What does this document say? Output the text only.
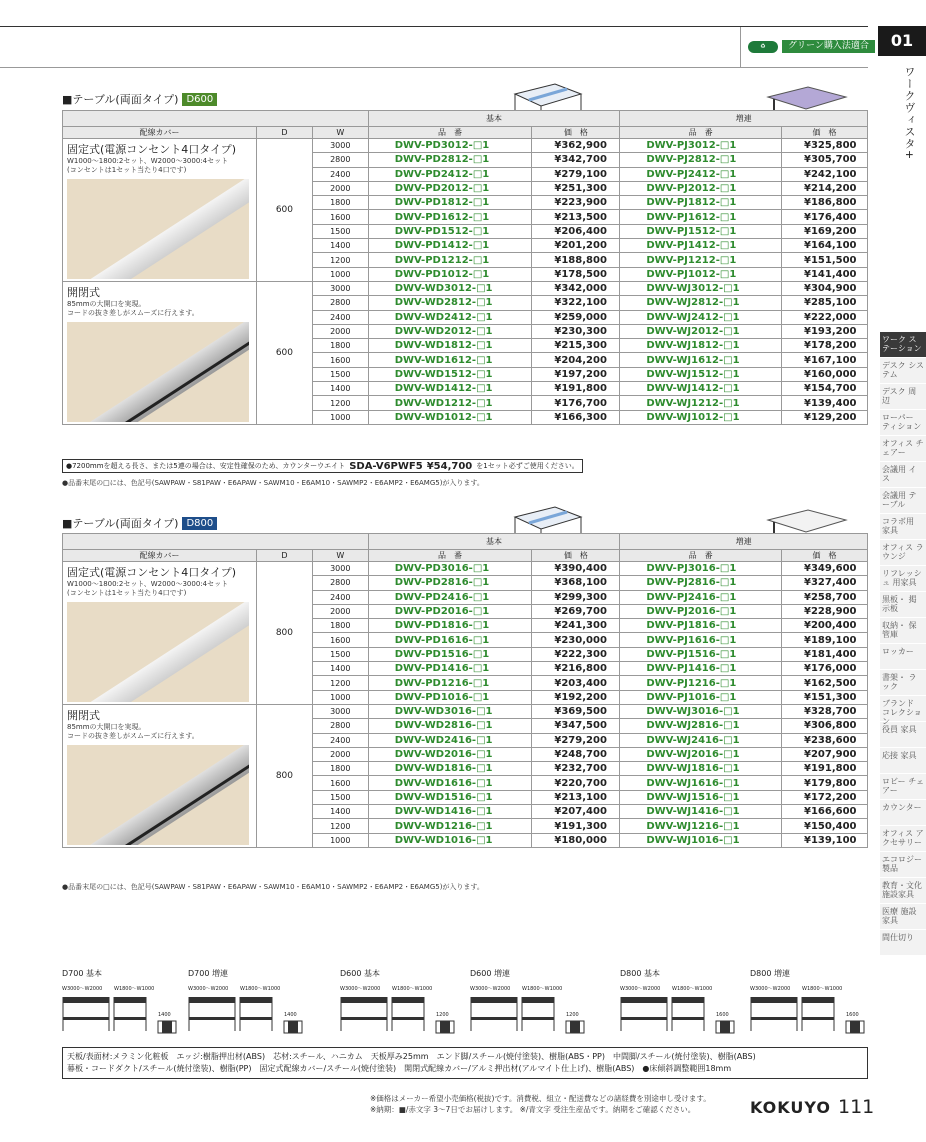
♻	グリーン購入法適合	01
ワークヴィスタ+
ワーク ステーション
デスク システム
デスク 周辺
ローパー ティション
オフィス チェアー
会議用 イス
会議用 テーブル
コラボ用 家具
オフィス ラウンジ
リフレッシュ 用家具
黒板・ 掲示板
収納・ 保管庫
ロッカー
書架・ ラック
ブランド コレクション
役員 家具
応接 家具
ロビー チェアー
カウンター
オフィス アクセサリー
エコロジー 製品
教育・文化 施設家具
医療 施設家具
間仕切り
■テーブル(両面タイプ) D600
			基本		増連	
配線カバー	D	W	品　番	価　格	品　番	価　格

固定式(電源コンセント4口タイプ)
W1000～1800:2セット、W2000～3000:4セット
(コンセントは1セット当たり4口です)	600	3000	DWV-PD3012-□1	¥362,900	DWV-PJ3012-□1	¥325,800
		2800	DWV-PD2812-□1	¥342,700	DWV-PJ2812-□1	¥305,700
		2400	DWV-PD2412-□1	¥279,100	DWV-PJ2412-□1	¥242,100
		2000	DWV-PD2012-□1	¥251,300	DWV-PJ2012-□1	¥214,200
		1800	DWV-PD1812-□1	¥223,900	DWV-PJ1812-□1	¥186,800
		1600	DWV-PD1612-□1	¥213,500	DWV-PJ1612-□1	¥176,400
		1500	DWV-PD1512-□1	¥206,400	DWV-PJ1512-□1	¥169,200
		1400	DWV-PD1412-□1	¥201,200	DWV-PJ1412-□1	¥164,100
		1200	DWV-PD1212-□1	¥188,800	DWV-PJ1212-□1	¥151,500
		1000	DWV-PD1012-□1	¥178,500	DWV-PJ1012-□1	¥141,400

開閉式
85mmの大開口を実現。
コードの抜き差しがスムーズに行えます。	600	3000	DWV-WD3012-□1	¥342,000	DWV-WJ3012-□1	¥304,900
		2800	DWV-WD2812-□1	¥322,100	DWV-WJ2812-□1	¥285,100
		2400	DWV-WD2412-□1	¥259,000	DWV-WJ2412-□1	¥222,000
		2000	DWV-WD2012-□1	¥230,300	DWV-WJ2012-□1	¥193,200
		1800	DWV-WD1812-□1	¥215,300	DWV-WJ1812-□1	¥178,200
		1600	DWV-WD1612-□1	¥204,200	DWV-WJ1612-□1	¥167,100
		1500	DWV-WD1512-□1	¥197,200	DWV-WJ1512-□1	¥160,000
		1400	DWV-WD1412-□1	¥191,800	DWV-WJ1412-□1	¥154,700
		1200	DWV-WD1212-□1	¥176,700	DWV-WJ1212-□1	¥139,400
		1000	DWV-WD1012-□1	¥166,300	DWV-WJ1012-□1	¥129,200
●7200mmを超える長さ、または5連の場合は、安定性確保のため、カウンターウエイト SDA-V6PWF5 ¥54,700 を1セット必ずご使用ください。
●品番末尾の□には、色記号(SAWPAW・S81PAW・E6APAW・SAWM10・E6AM10・SAWMP2・E6AMP2・E6AMG5)が入ります。
■テーブル(両面タイプ) D800
			基本		増連	
配線カバー	D	W	品　番	価　格	品　番	価　格

固定式(電源コンセント4口タイプ)
W1000～1800:2セット、W2000～3000:4セット
(コンセントは1セット当たり4口です)	800	3000	DWV-PD3016-□1	¥390,400	DWV-PJ3016-□1	¥349,600
		2800	DWV-PD2816-□1	¥368,100	DWV-PJ2816-□1	¥327,400
		2400	DWV-PD2416-□1	¥299,300	DWV-PJ2416-□1	¥258,700
		2000	DWV-PD2016-□1	¥269,700	DWV-PJ2016-□1	¥228,900
		1800	DWV-PD1816-□1	¥241,300	DWV-PJ1816-□1	¥200,400
		1600	DWV-PD1616-□1	¥230,000	DWV-PJ1616-□1	¥189,100
		1500	DWV-PD1516-□1	¥222,300	DWV-PJ1516-□1	¥181,400
		1400	DWV-PD1416-□1	¥216,800	DWV-PJ1416-□1	¥176,000
		1200	DWV-PD1216-□1	¥203,400	DWV-PJ1216-□1	¥162,500
		1000	DWV-PD1016-□1	¥192,200	DWV-PJ1016-□1	¥151,300

開閉式
85mmの大開口を実現。
コードの抜き差しがスムーズに行えます。	800	3000	DWV-WD3016-□1	¥369,500	DWV-WJ3016-□1	¥328,700
		2800	DWV-WD2816-□1	¥347,500	DWV-WJ2816-□1	¥306,800
		2400	DWV-WD2416-□1	¥279,200	DWV-WJ2416-□1	¥238,600
		2000	DWV-WD2016-□1	¥248,700	DWV-WJ2016-□1	¥207,900
		1800	DWV-WD1816-□1	¥232,700	DWV-WJ1816-□1	¥191,800
		1600	DWV-WD1616-□1	¥220,700	DWV-WJ1616-□1	¥179,800
		1500	DWV-WD1516-□1	¥213,100	DWV-WJ1516-□1	¥172,200
		1400	DWV-WD1416-□1	¥207,400	DWV-WJ1416-□1	¥166,600
		1200	DWV-WD1216-□1	¥191,300	DWV-WJ1216-□1	¥150,400
		1000	DWV-WD1016-□1	¥180,000	DWV-WJ1016-□1	¥139,100
●品番末尾の□には、色記号(SAWPAW・S81PAW・E6APAW・SAWM10・E6AM10・SAWMP2・E6AMP2・E6AMG5)が入ります。
D700 基本
W3000～W2000 W1800～W1000
1400
D700 増連
W3000～W2000 W1800～W1000
1400
D600 基本
W3000～W2000 W1800～W1000
1200
D600 増連
W3000～W2000 W1800～W1000
1200
D800 基本
W3000～W2000 W1800～W1000
1600
D800 増連
W3000～W2000 W1800～W1000
1600
天板/表面材:メラミン化粧板　エッジ:樹脂押出材(ABS)　芯材:スチール、ハニカム　天板厚み25mm　エンド脚/スチール(焼付塗装)、樹脂(ABS・PP)　中間脚/スチール(焼付塗装)、樹脂(ABS)
幕板・コードダクト/スチール(焼付塗装)、樹脂(PP)　固定式配線カバー/スチール(焼付塗装)　開閉式配線カバー/アルミ押出材(アルマイト仕上げ)、樹脂(ABS)　●床傾斜調整範囲18mm
※価格はメーカー希望小売価格(税抜)です。消費税、組立・配送費などの諸経費を別途申し受けます。
※納期：■/赤文字 3～7日でお届けします。 ※/青文字 受注生産品です。納期をご確認ください。	KOKUYO 111
